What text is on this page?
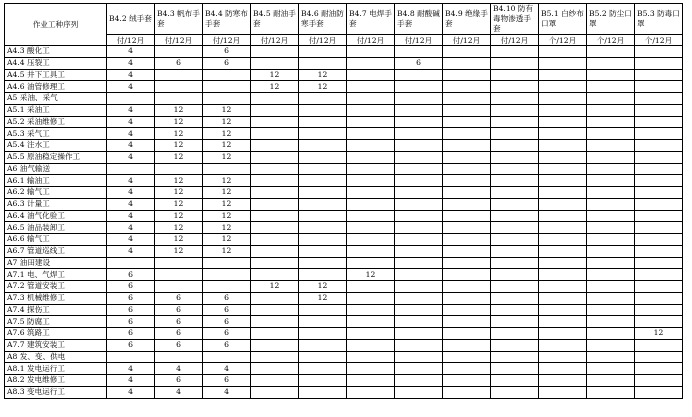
作业工种序列	B4.2 绒手套	B4.3 帆布手套	B4.4 防寒布手套	B4.5 耐油手套	B4.6 耐油防寒手套	B4.7 电焊手套	B4.8 耐酸碱手套	B4.9 绝缘手套	B4.10 防有毒物渗透手套	B5.1 白纱布口罩	B5.2 防尘口罩	B5.3 防毒口罩
	付/12月	付/12月	付/12月	付/12月	付/12月	付/12月	付/12月	付/12月	付/12月	个/12月	个/12月	个/12月
A4.3 酸化工	4		6									
A4.4 压裂工	4	6	6				6					
A4.5 井下工具工	4			12	12							
A4.6 油管修理工	4			12	12							
A5 采油、采气												
A5.1 采油工	4	12	12									
A5.2 采油维修工	4	12	12									
A5.3 采气工	4	12	12									
A5.4 注水工	4	12	12									
A5.5 原油稳定操作工	4	12	12									
A6 油气输送												
A6.1 输油工	4	12	12									
A6.2 输气工	4	12	12									
A6.3 计量工	4	12	12									
A6.4 油气化验工	4	12	12									
A6.5 油品装卸工	4	12	12									
A6.6 输气工	4	12	12									
A6.7 管道巡线工	4	12	12									
A7 油田建设												
A7.1 电、气焊工	6					12						
A7.2 管道安装工	6			12	12							
A7.3 机械维修工	6	6	6		12							
A7.4 探伤工	6	6	6									
A7.5 防腐工	6	6	6									
A7.6 筑路工	6	6	6									12
A7.7 建筑安装工	6	6	6									
A8 发、变、供电												
A8.1 发电运行工	4	4	4									
A8.2 发电维修工	4	6	6									
A8.3 变电运行工	4	4	4									
